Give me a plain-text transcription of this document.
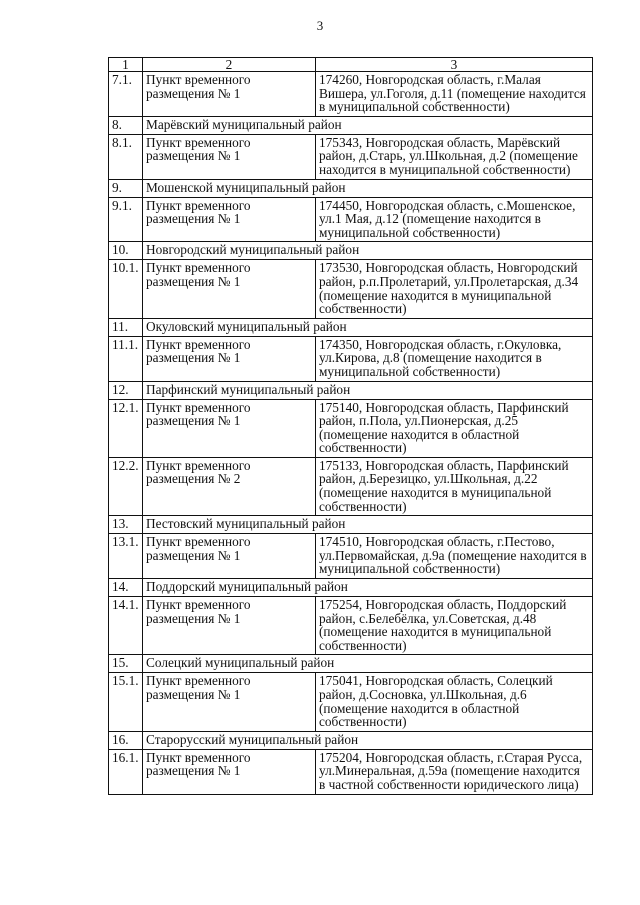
3
1	2	3
7.1.	Пункт временного размещения № 1	174260, Новгородская область, г.Малая Вишера, ул.Гоголя, д.11 (помещение находится в муниципальной собственности)
8.	Марёвский муниципальный район	
8.1.	Пункт временного размещения № 1	175343, Новгородская область, Марёвский район, д.Старь, ул.Школьная, д.2 (помещение находится в муниципальной собственности)
9.	Мошенской муниципальный район	
9.1.	Пункт временного размещения № 1	174450, Новгородская область, с.Мошенское, ул.1 Мая, д.12 (помещение находится в муниципальной собственности)
10.	Новгородский муниципальный район	
10.1.	Пункт временного размещения № 1	173530, Новгородская область, Новгородский район, р.п.Пролетарий, ул.Пролетарская, д.34 (помещение находится в муниципальной собственности)
11.	Окуловский муниципальный район	
11.1.	Пункт временного размещения № 1	174350, Новгородская область, г.Окуловка, ул.Кирова, д.8 (помещение находится в муниципальной собственности)
12.	Парфинский муниципальный район	
12.1.	Пункт временного размещения № 1	175140, Новгородская область, Парфинский район, п.Пола, ул.Пионерская, д.25 (помещение находится в областной собственности)
12.2.	Пункт временного размещения № 2	175133, Новгородская область, Парфинский район, д.Березицко, ул.Школьная, д.22 (помещение находится в муниципальной собственности)
13.	Пестовский муниципальный район	
13.1.	Пункт временного размещения № 1	174510, Новгородская область, г.Пестово, ул.Первомайская, д.9а (помещение находится в муниципальной собственности)
14.	Поддорский муниципальный район	
14.1.	Пункт временного размещения № 1	175254, Новгородская область, Поддорский район, с.Белебёлка, ул.Советская, д.48 (помещение находится в муниципальной собственности)
15.	Солецкий муниципальный район	
15.1.	Пункт временного размещения № 1	175041, Новгородская область, Солецкий район, д.Сосновка, ул.Школьная, д.6 (помещение находится в областной собственности)
16.	Старорусский муниципальный район	
16.1.	Пункт временного размещения № 1	175204, Новгородская область, г.Старая Русса, ул.Минеральная, д.59а (помещение находится в частной собственности юридического лица)
